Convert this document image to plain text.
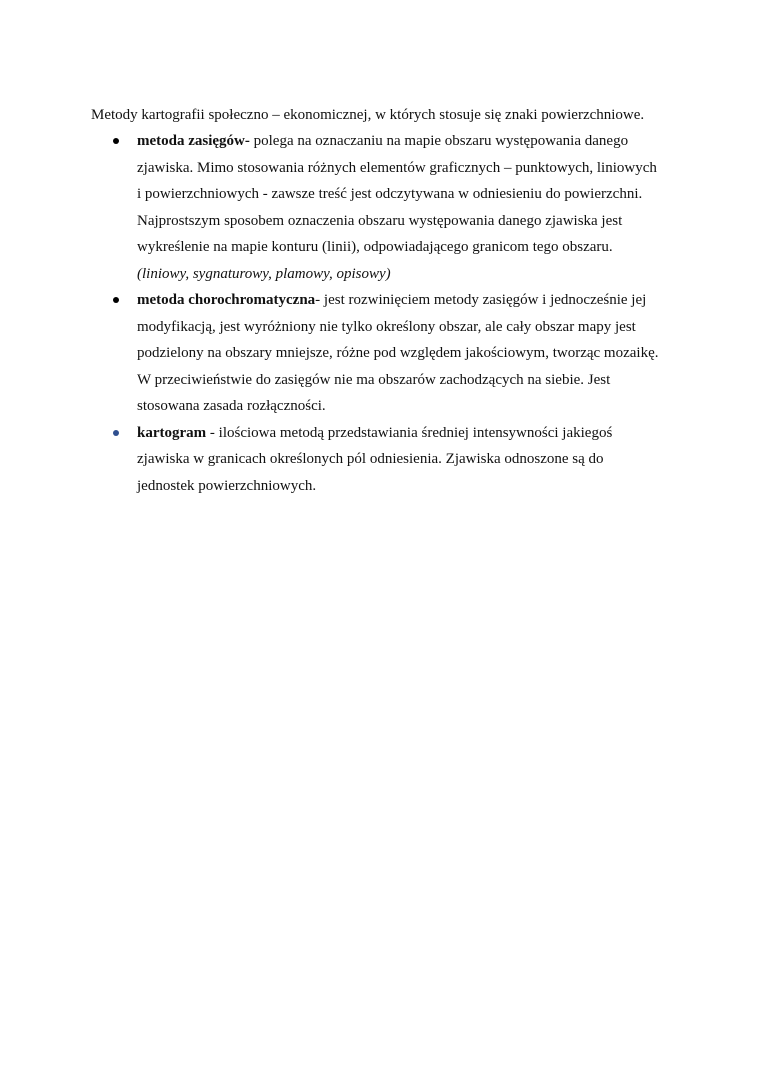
Metody kartografii społeczno – ekonomicznej, w których stosuje się znaki powierzchniowe.
metoda zasięgów- polega na oznaczaniu na mapie obszaru występowania danego
zjawiska. Mimo stosowania różnych elementów graficznych – punktowych, liniowych
i powierzchniowych - zawsze treść jest odczytywana w odniesieniu do powierzchni.
Najprostszym sposobem oznaczenia obszaru występowania danego zjawiska jest
wykreślenie na mapie konturu (linii), odpowiadającego granicom tego obszaru.
(liniowy, sygnaturowy, plamowy, opisowy)
metoda chorochromatyczna- jest rozwinięciem metody zasięgów i jednocześnie jej
modyfikacją, jest wyróżniony nie tylko określony obszar, ale cały obszar mapy jest
podzielony na obszary mniejsze, różne pod względem jakościowym, tworząc mozaikę.
W przeciwieństwie do zasięgów nie ma obszarów zachodzących na siebie. Jest
stosowana zasada rozłączności.
kartogram - ilościowa metodą przedstawiania średniej intensywności jakiegoś
zjawiska w granicach określonych pól odniesienia. Zjawiska odnoszone są do
jednostek powierzchniowych.
